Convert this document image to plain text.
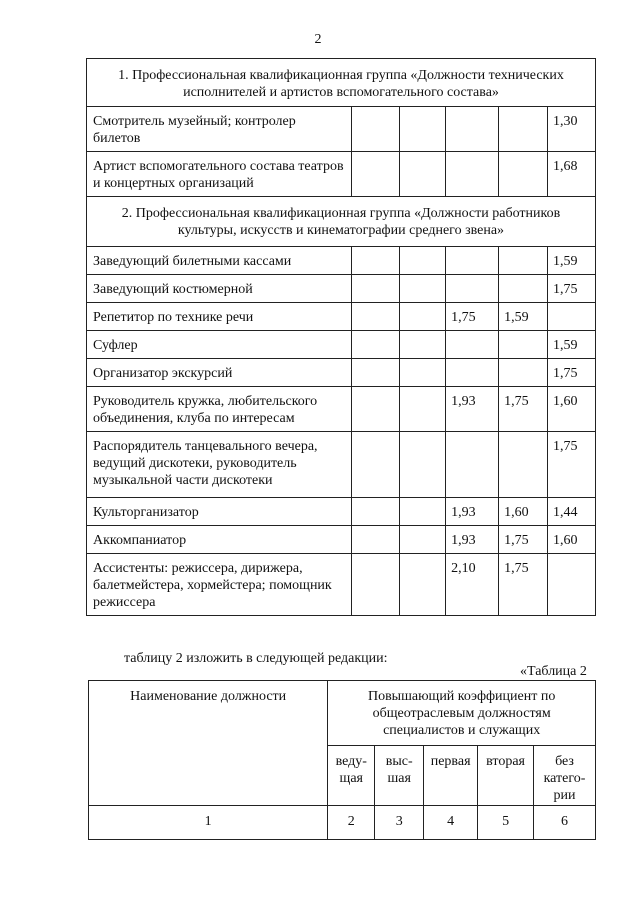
2
1. Профессиональная квалификационная группа «Должности технических исполнителей и артистов вспомогательного состава»					
Смотритель музейный; контролер билетов					1,30
Артист вспомогательного состава театров и концертных организаций					1,68
2. Профессиональная квалификационная группа «Должности работников культуры, искусств и кинематографии среднего звена»					
Заведующий билетными кассами					1,59
Заведующий костюмерной					1,75
Репетитор по технике речи			1,75	1,59	
Суфлер					1,59
Организатор экскурсий					1,75
Руководитель кружка, любительского объединения, клуба по интересам			1,93	1,75	1,60
Распорядитель танцевального вечера, ведущий дискотеки, руководитель музыкальной части дискотеки					1,75
Культорганизатор			1,93	1,60	1,44
Аккомпаниатор			1,93	1,75	1,60
Ассистенты: режиссера, дирижера, балетмейстера, хормейстера; помощник режиссера			2,10	1,75	
таблицу 2 изложить в следующей редакции:
«Таблица 2
Наименование должности	Повышающий коэффициент по общеотраслевым должностям специалистов и служащих				
	веду-щая	выс-шая	первая	вторая	без катего-рии
1	2	3	4	5	6
